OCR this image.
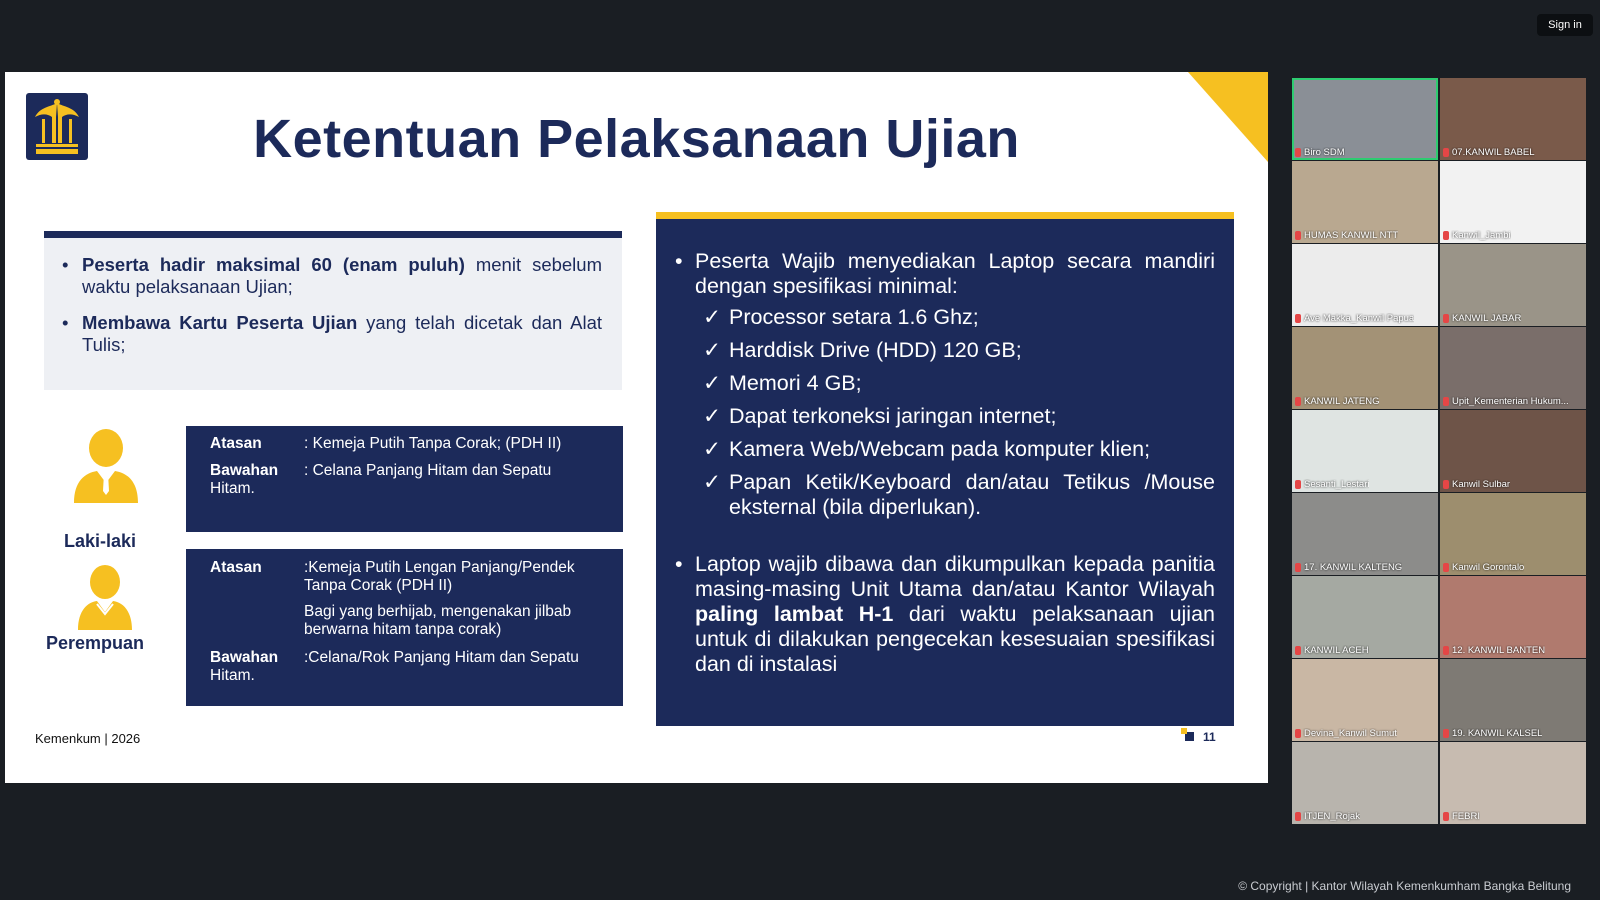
Sign in
Ketentuan Pelaksanaan Ujian
• Peserta hadir maksimal 60 (enam puluh) menit sebelum waktu pelaksanaan Ujian;
• Membawa Kartu Peserta Ujian yang telah dicetak dan Alat Tulis;
Laki-laki
Perempuan
Atasan	: Kemeja Putih Tanpa Corak; (PDH II)
Bawahan	: Celana Panjang Hitam dan Sepatu Hitam.
Atasan	:Kemeja Putih Lengan Panjang/Pendek Tanpa Corak (PDH II)
Bagi yang berhijab, mengenakan jilbab berwarna hitam tanpa corak)
Bawahan	:Celana/Rok Panjang Hitam dan Sepatu Hitam.
• Peserta Wajib menyediakan Laptop secara mandiri dengan spesifikasi minimal:
✓ Processor setara 1.6 Ghz;
✓ Harddisk Drive (HDD) 120 GB;
✓ Memori 4 GB;
✓ Dapat terkoneksi jaringan internet;
✓ Kamera Web/Webcam pada komputer klien;
✓ Papan Ketik/Keyboard dan/atau Tetikus /Mouse eksternal (bila diperlukan).
• Laptop wajib dibawa dan dikumpulkan kepada panitia masing-masing Unit Utama dan/atau Kantor Wilayah paling lambat H-1 dari waktu pelaksanaan ujian untuk di dilakukan pengecekan kesesuaian spesifikasi dan di instalasi
Kemenkum | 2026	11
Biro SDM	07.KANWIL BABEL
HUMAS KANWIL NTT	Kanwil_Jambi
Ave Makka_Kanwil Papua	KANWIL JABAR
KANWIL JATENG	Upit_Kementerian Hukum...
Sesanti_Lestari	Kanwil Sulbar
17. KANWIL KALTENG	Kanwil Gorontalo
KANWIL ACEH	12. KANWIL BANTEN
Devina_Kanwil Sumut	19. KANWIL KALSEL
ITJEN_Rojak	FEBRI
© Copyright | Kantor Wilayah Kemenkumham Bangka Belitung
